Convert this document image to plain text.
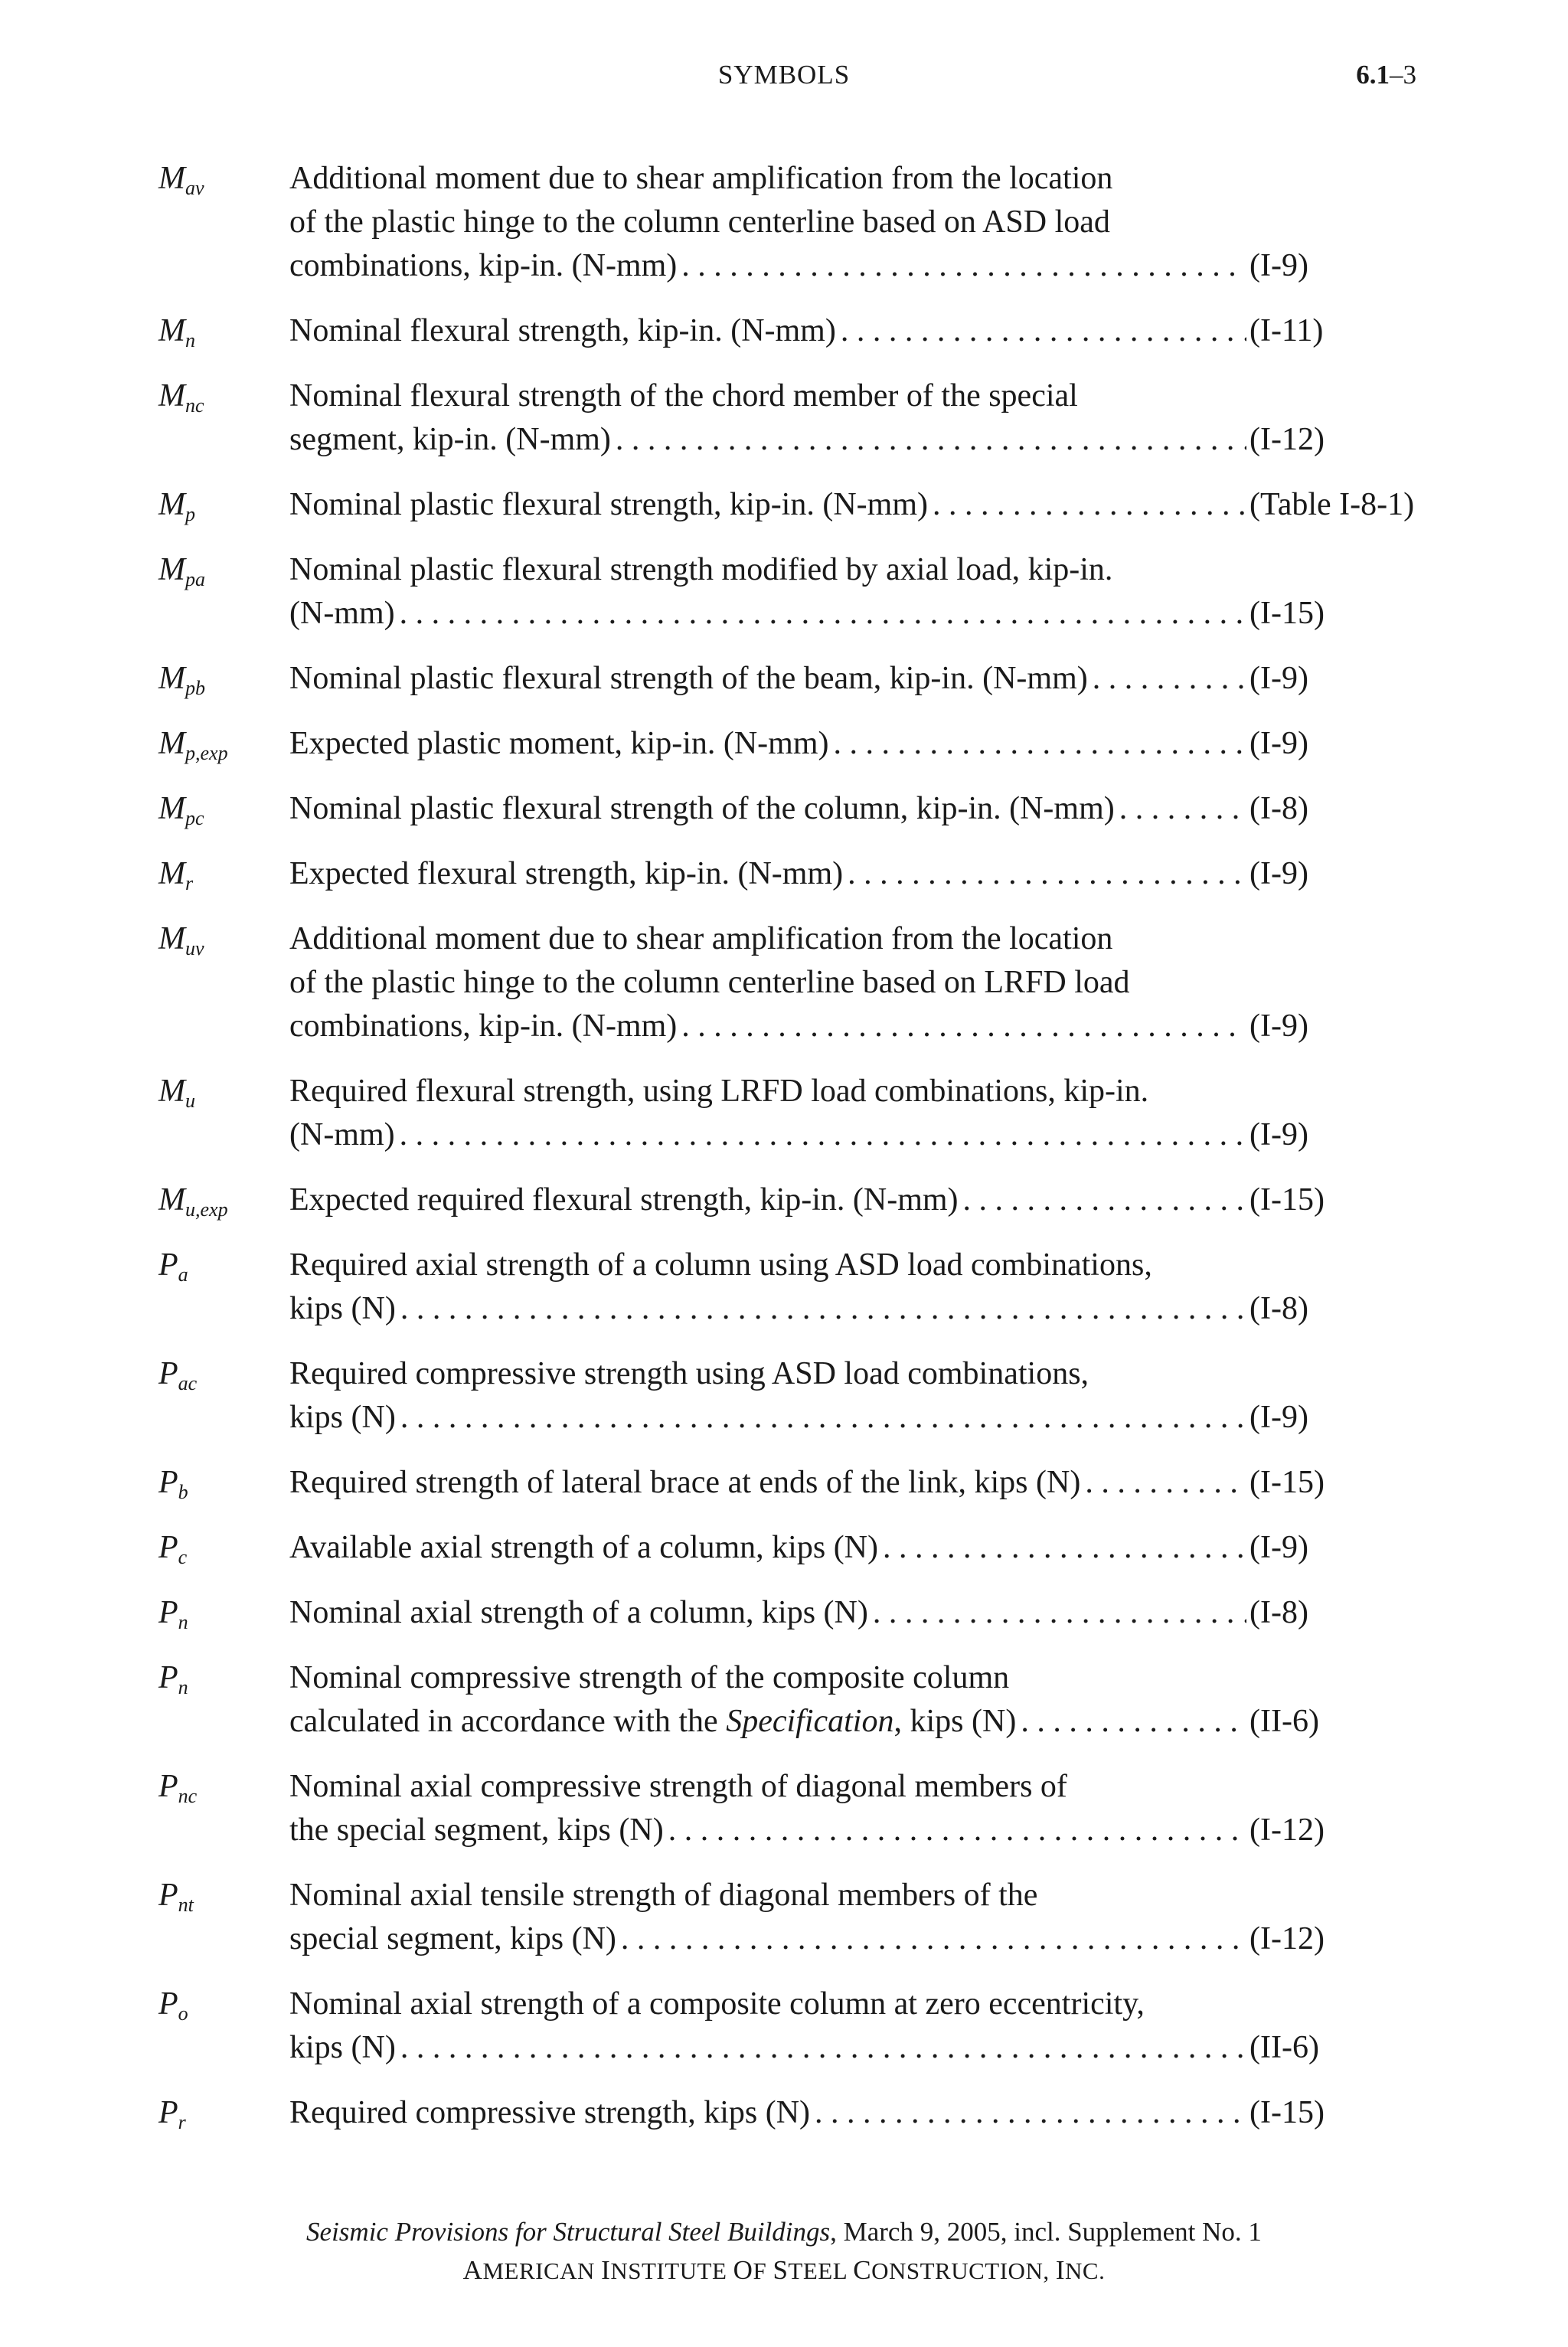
SYMBOLS	6.1–3
$M_{av}$	Additional moment due to shear amplification from the location
of the plastic hinge to the column centerline based on ASD load
combinations, kip-in. (N-mm) . . .	(I-9)
$M_n$	Nominal flexural strength, kip-in. (N-mm) . . .	(I-11)
$M_{nc}$	Nominal flexural strength of the chord member of the special
segment, kip-in. (N-mm) . . .	(I-12)
$M_p$	Nominal plastic flexural strength, kip-in. (N-mm) . . .	(Table I-8-1)
$M_{pa}$	Nominal plastic flexural strength modified by axial load, kip-in.
(N-mm) . . .	(I-15)
$M_{pb}$	Nominal plastic flexural strength of the beam, kip-in. (N-mm) . . .	(I-9)
$M_{p,exp}$ Expected plastic moment, kip-in. (N-mm) . . .	(I-9)
$M_{pc}$	Nominal plastic flexural strength of the column, kip-in. (N-mm) . . .	(I-8)
$M_r$	Expected flexural strength, kip-in. (N-mm) . . .	(I-9)
$M_{uv}$	Additional moment due to shear amplification from the location
of the plastic hinge to the column centerline based on LRFD load
combinations, kip-in. (N-mm) . . .	(I-9)
$M_u$	Required flexural strength, using LRFD load combinations, kip-in.
(N-mm) . . .	(I-9)
$M_{u,exp}$ Expected required flexural strength, kip-in. (N-mm) . . .	(I-15)
$P_a$	Required axial strength of a column using ASD load combinations,
kips (N) . . .	(I-8)
$P_{ac}$	Required compressive strength using ASD load combinations,
kips (N) . . .	(I-9)
$P_b$	Required strength of lateral brace at ends of the link, kips (N) . . .	(I-15)
$P_c$	Available axial strength of a column, kips (N) . . .	(I-9)
$P_n$	Nominal axial strength of a column, kips (N) . . .	(I-8)
$P_n$	Nominal compressive strength of the composite column
calculated in accordance with the Specification, kips (N) . . .	(II-6)
$P_{nc}$	Nominal axial compressive strength of diagonal members of
the special segment, kips (N) . . .	(I-12)
$P_{nt}$	Nominal axial tensile strength of diagonal members of the
special segment, kips (N) . . .	(I-12)
$P_o$	Nominal axial strength of a composite column at zero eccentricity,
kips (N) . . .	(II-6)
$P_r$	Required compressive strength, kips (N) . . .	(I-15)
Seismic Provisions for Structural Steel Buildings, March 9, 2005, incl. Supplement No. 1
AMERICAN INSTITUTE OF STEEL CONSTRUCTION, INC.
